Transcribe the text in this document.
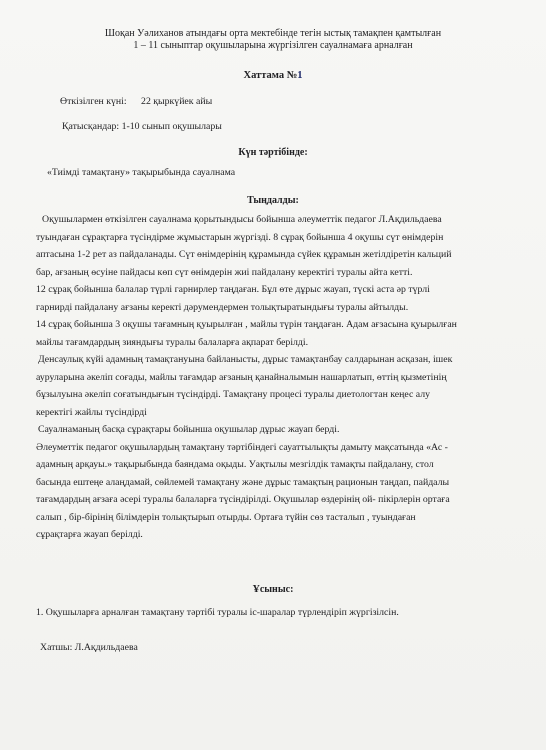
Шоқан Уәлиханов атындағы орта мектебінде тегін ыстық тамақпен қамтылған
1 – 11 сыныптар оқушыларына жүргізілген сауалнамаға арналған
Хаттама №1
Өткізілген күні: 22 қыркүйек айы
Қатысқандар: 1-10 сынып оқушылары
Күн тәртібінде:
«Тиімді тамақтану» тақырыбында сауалнама
Тыңдалды:
Оқушылармен өткізілген сауалнама қорытындысы бойынша әлеуметтік педагог Л.Ақдильдаева
туындаған сұрақтарға түсіндірме жұмыстарын жүргізді. 8 сұрақ бойынша 4 оқушы сүт өнімдерін
аптасына 1-2 рет аз пайдаланады. Сүт өнімдерінің құрамында сүйек құрамын жетілдіретін кальций
бар, ағзаның өсуіне пайдасы көп сүт өнімдерін жиі пайдалану керектігі туралы айта кетті.
12 сұрақ бойынша балалар түрлі гарнирлер таңдаған. Бұл өте дұрыс жауап, түскі аста әр түрлі
гарнирді пайдалану ағзаны керекті дәрумендермен толықтыратындығы туралы айтылды.
14 сұрақ бойынша 3 оқушы тағамның қуырылған , майлы түрін таңдаған. Адам ағзасына қуырылған
майлы тағамдардың зияндығы туралы балаларға ақпарат берілді.
Денсаулық күйі адамның тамақтануына байланысты, дұрыс тамақтанбау салдарынан асқазан, ішек
ауруларына әкеліп соғады, майлы тағамдар ағзаның қанайналымын нашарлатып, өттің қызметінің
бұзылуына әкеліп соғатындығын түсіндірді. Тамақтану процесі туралы диетологтан кеңес алу
керектігі жайлы түсіндірді
Сауалнаманың басқа сұрақтары бойынша оқушылар дұрыс жауап берді.
Әлеуметтік педагог оқушылардың тамақтану тәртібіндегі сауаттылықты дамыту мақсатында «Ас -
адамның арқауы.» тақырыбында баяндама оқыды. Уақтылы мезгілдік тамақты пайдалану, стол
басында ештеңе алаңдамай, сөйлемей тамақтану және дұрыс тамақтың рационын таңдап, пайдалы
тағамдардың ағзаға әсері туралы балаларға түсіндірілді. Оқушылар өздерінің ой- пікірлерін ортаға
салып , бір-бірінің білімдерін толықтырып отырды. Ортаға түйін сөз тасталып , туындаған
сұрақтарға жауап берілді.
Ұсыныс:
1. Оқушыларға арналған тамақтану тәртібі туралы іс-шаралар түрлендіріп жүргізілсін.
Хатшы: Л.Ақдильдаева
